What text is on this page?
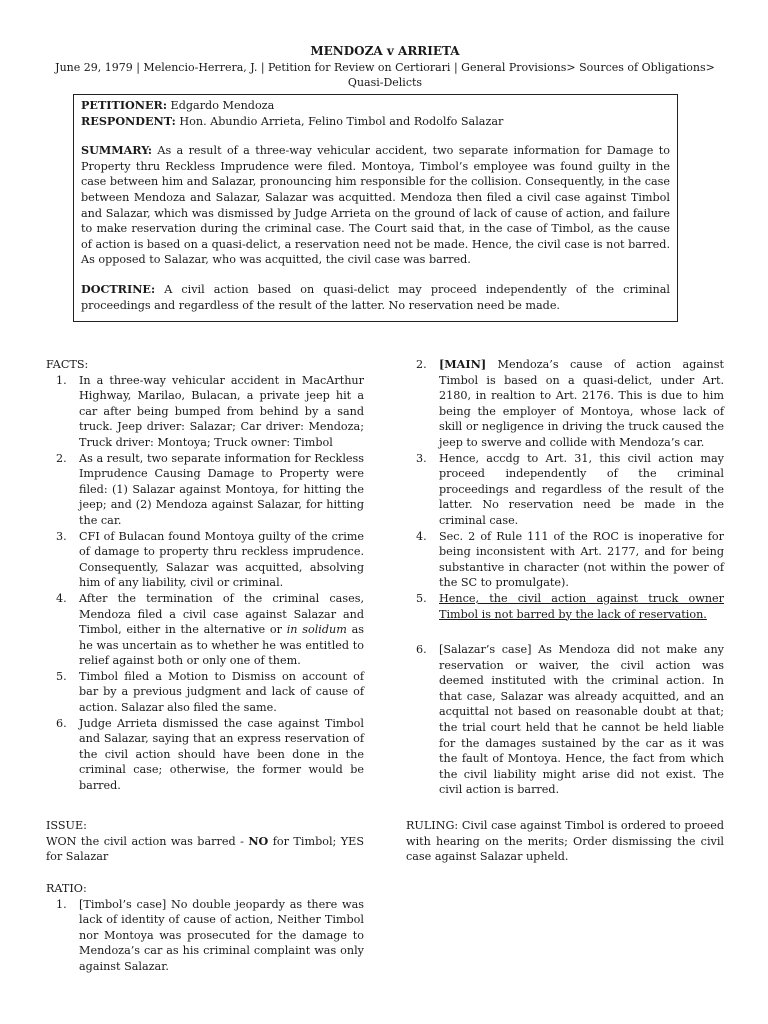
MENDOZA v ARRIETA
June 29, 1979 | Melencio-Herrera, J. | Petition for Review on Certiorari | General Provisions> Sources of Obligations>
Quasi-Delicts

PETITIONER: Edgardo Mendoza

RESPONDENT: Hon. Abundio Arrieta, Felino Timbol and Rodolfo Salazar

SUMMARY: As a result of a three-way vehicular accident, two separate information for Damage to Property thru Reckless Imprudence were filed. Montoya, Timbol’s employee was found guilty in the case between him and Salazar, pronouncing him responsible for the collision. Consequently, in the case between Mendoza and Salazar, Salazar was acquitted. Mendoza then filed a civil case against Timbol and Salazar, which was dismissed by Judge Arrieta on the ground of lack of cause of action, and failure to make reservation during the criminal case. The Court said that, in the case of Timbol, as the cause of action is based on a quasi-delict, a reservation need not be made. Hence, the civil case is not barred. As opposed to Salazar, who was acquitted, the civil case was barred.

DOCTRINE: A civil action based on quasi-delict may proceed independently of the criminal proceedings and regardless of the result of the latter. No reservation need be made.

FACTS:
1. In a three-way vehicular accident in MacArthur Highway, Marilao, Bulacan, a private jeep hit a car after being bumped from behind by a sand truck. Jeep driver: Salazar; Car driver: Mendoza; Truck driver: Montoya; Truck owner: Timbol
2. As a result, two separate information for Reckless Imprudence Causing Damage to Property were filed: (1) Salazar against Montoya, for hitting the jeep; and (2) Mendoza against Salazar, for hitting the car.
3. CFI of Bulacan found Montoya guilty of the crime of damage to property thru reckless imprudence. Consequently, Salazar was acquitted, absolving him of any liability, civil or criminal.
4. After the termination of the criminal cases, Mendoza filed a civil case against Salazar and Timbol, either in the alternative or in solidum as he was uncertain as to whether he was entitled to relief against both or only one of them.
5. Timbol filed a Motion to Dismiss on account of bar by a previous judgment and lack of cause of action. Salazar also filed the same.
6. Judge Arrieta dismissed the case against Timbol and Salazar, saying that an express reservation of the civil action should have been done in the criminal case; otherwise, the former would be barred.
ISSUE:

WON the civil action was barred - NO for Timbol; YES for Salazar

RATIO:
1. [Timbol’s case] No double jeopardy as there was lack of identity of cause of action, Neither Timbol nor Montoya was prosecuted for the damage to Mendoza’s car as his criminal complaint was only against Salazar.
2. [MAIN] Mendoza’s cause of action against Timbol is based on a quasi-delict, under Art. 2180, in realtion to Art. 2176. This is due to him being the employer of Montoya, whose lack of skill or negligence in driving the truck caused the jeep to swerve and collide with Mendoza’s car.
3. Hence, accdg to Art. 31, this civil action may proceed independently of the criminal proceedings and regardless of the result of the latter. No reservation need be made in the criminal case.
4. Sec. 2 of Rule 111 of the ROC is inoperative for being inconsistent with Art. 2177, and for being substantive in character (not within the power of the SC to promulgate).
5. Hence, the civil action against truck owner Timbol is not barred by the lack of reservation.
6. [Salazar’s case] As Mendoza did not make any reservation or waiver, the civil action was deemed instituted with the criminal action. In that case, Salazar was already acquitted, and an acquittal not based on reasonable doubt at that; the trial court held that he cannot be held liable for the damages sustained by the car as it was the fault of Montoya. Hence, the fact from which the civil liability might arise did not exist. The civil action is barred.

RULING: Civil case against Timbol is ordered to proeed with hearing on the merits; Order dismissing the civil case against Salazar upheld.
